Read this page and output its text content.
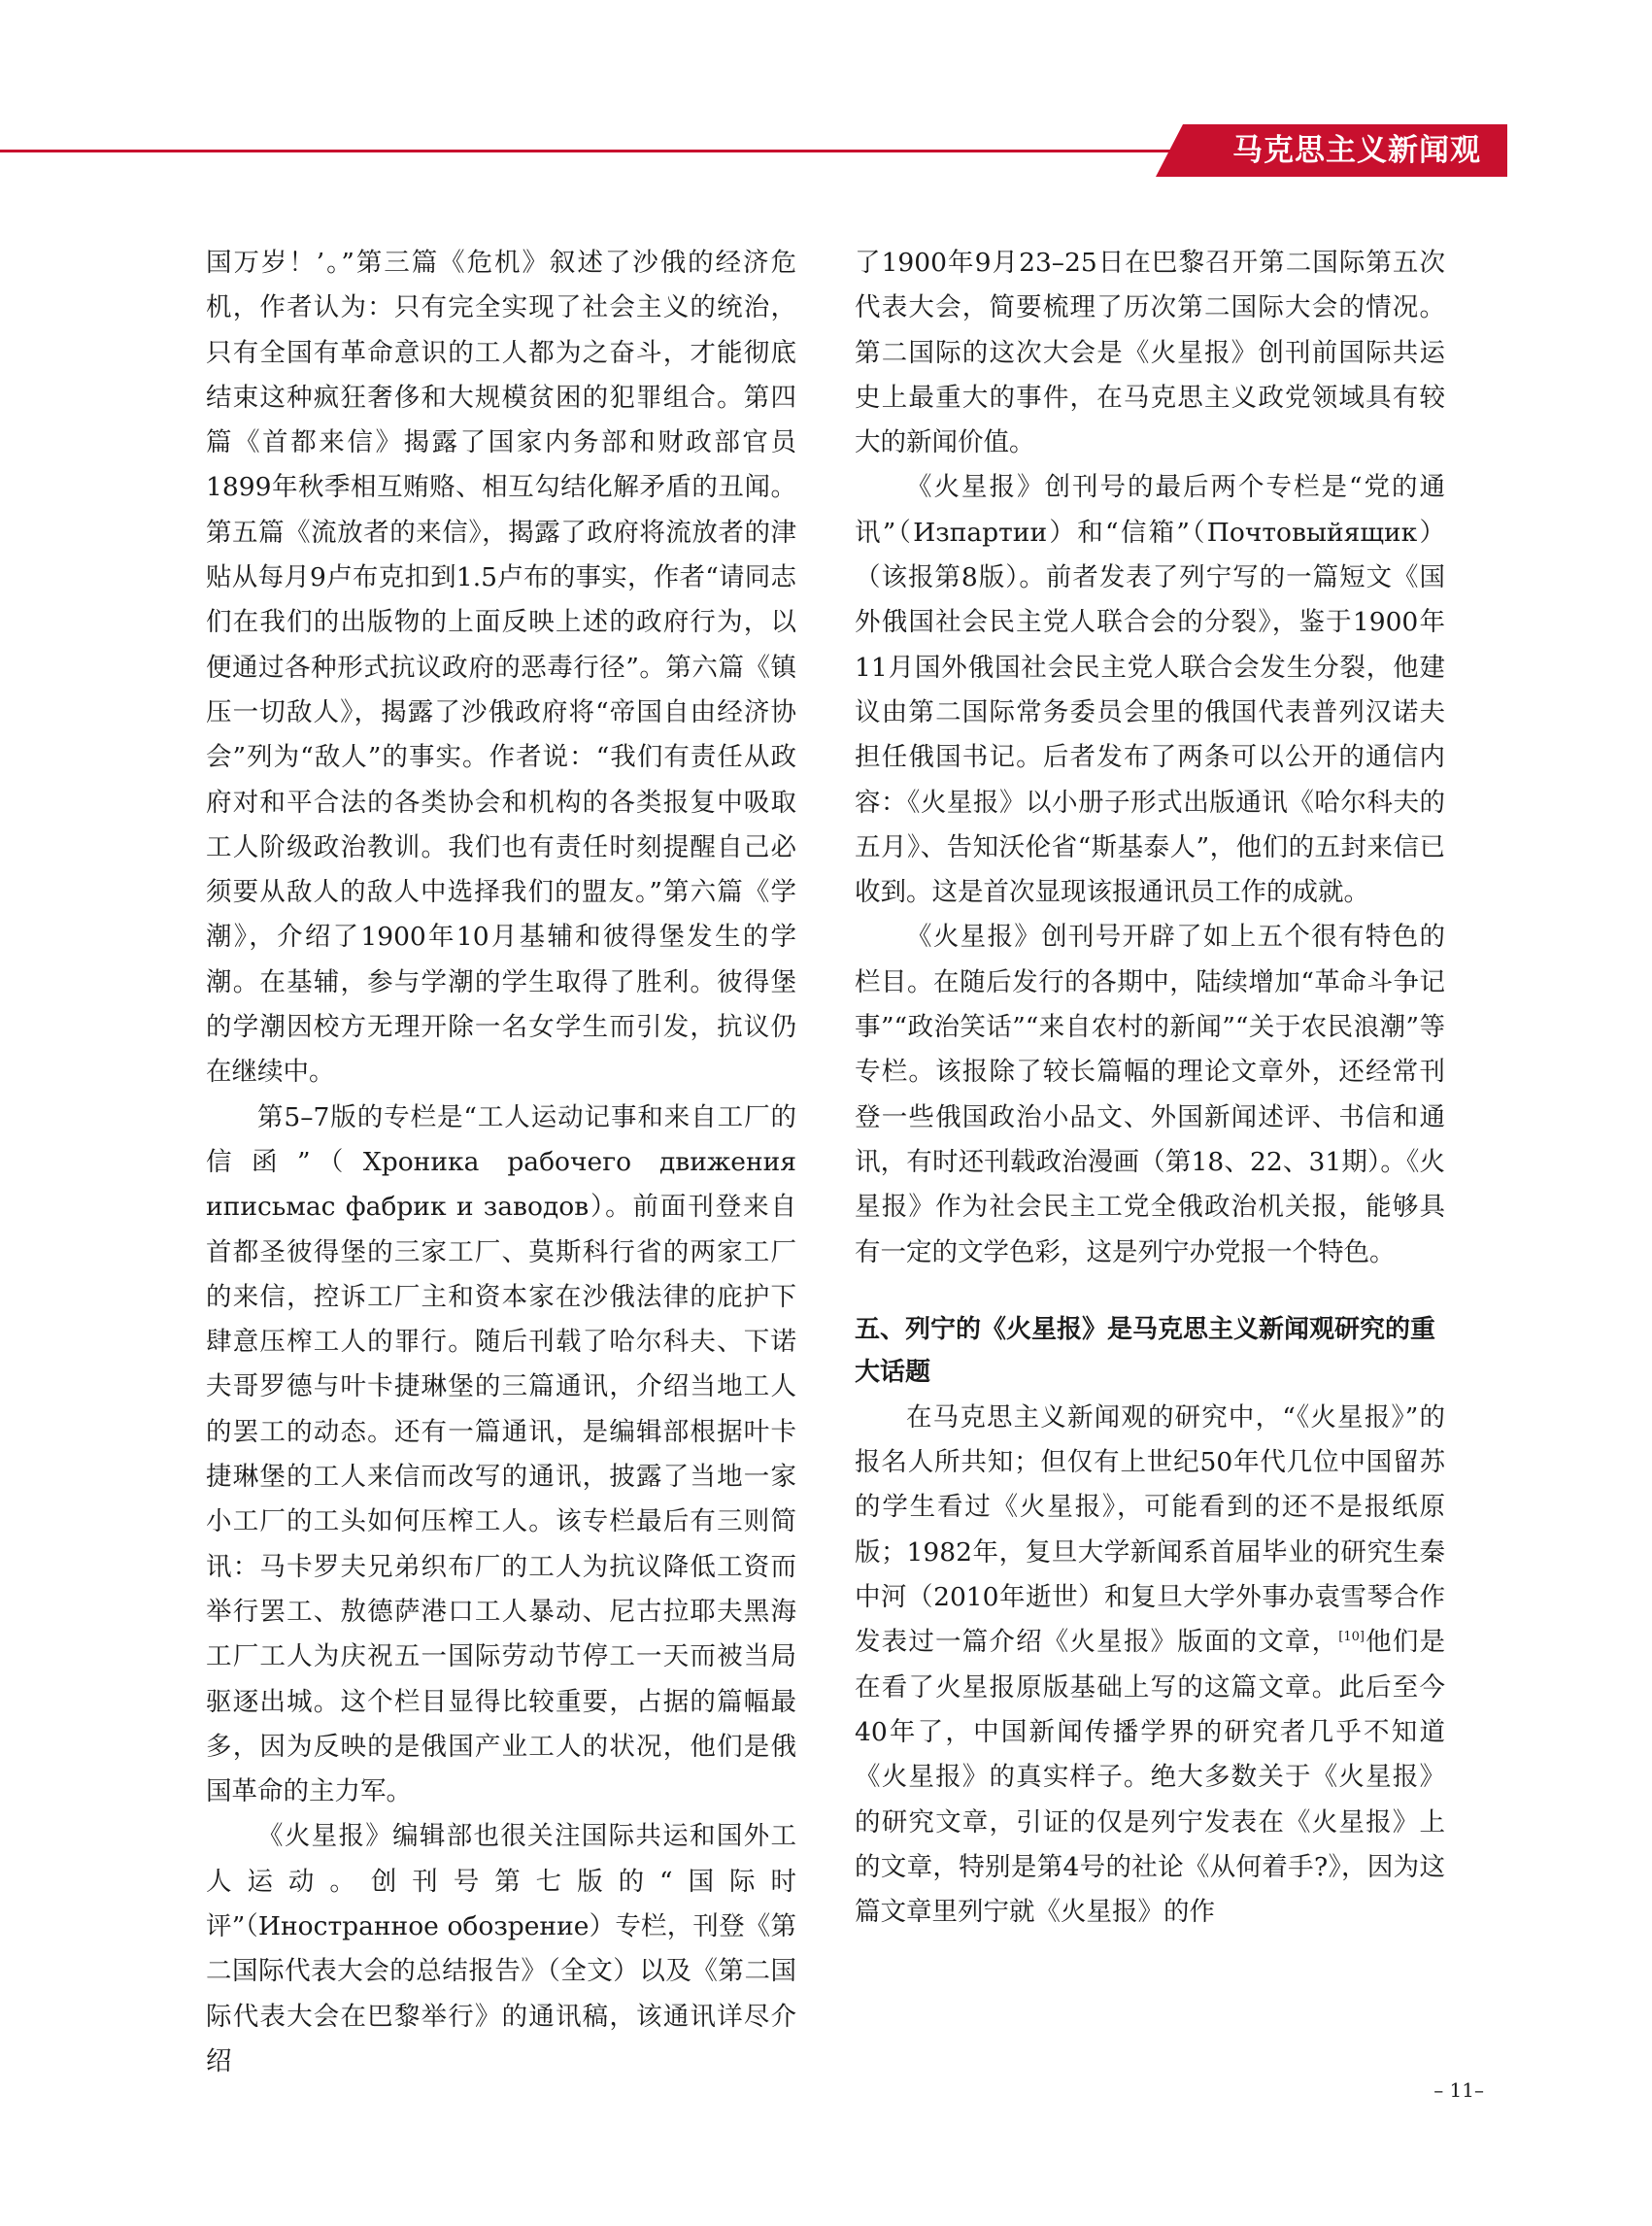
马克思主义新闻观

国万岁！’。”第三篇《危机》叙述了沙俄的经济危机，作者认为：只有完全实现了社会主义的统治，只有全国有革命意识的工人都为之奋斗，才能彻底结束这种疯狂奢侈和大规模贫困的犯罪组合。第四篇《首都来信》揭露了国家内务部和财政部官员1899年秋季相互贿赂、相互勾结化解矛盾的丑闻。第五篇《流放者的来信》，揭露了政府将流放者的津贴从每月9卢布克扣到1.5卢布的事实，作者“请同志们在我们的出版物的上面反映上述的政府行为，以便通过各种形式抗议政府的恶毒行径”。第六篇《镇压一切敌人》，揭露了沙俄政府将“帝国自由经济协会”列为“敌人”的事实。作者说：“我们有责任从政府对和平合法的各类协会和机构的各类报复中吸取工人阶级政治教训。我们也有责任时刻提醒自己必须要从敌人的敌人中选择我们的盟友。”第六篇《学潮》，介绍了1900年10月基辅和彼得堡发生的学潮。在基辅，参与学潮的学生取得了胜利。彼得堡的学潮因校方无理开除一名女学生而引发，抗议仍在继续中。

第5–7版的专栏是“工人运动记事和来自工厂的信函”（Хроника рабочего движения иписьмас фабрик и заводов）。前面刊登来自首都圣彼得堡的三家工厂、莫斯科行省的两家工厂的来信，控诉工厂主和资本家在沙俄法律的庇护下肆意压榨工人的罪行。随后刊载了哈尔科夫、下诺夫哥罗德与叶卡捷琳堡的三篇通讯，介绍当地工人的罢工的动态。还有一篇通讯，是编辑部根据叶卡捷琳堡的工人来信而改写的通讯，披露了当地一家小工厂的工头如何压榨工人。该专栏最后有三则简讯：马卡罗夫兄弟织布厂的工人为抗议降低工资而举行罢工、敖德萨港口工人暴动、尼古拉耶夫黑海工厂工人为庆祝五一国际劳动节停工一天而被当局驱逐出城。这个栏目显得比较重要，占据的篇幅最多，因为反映的是俄国产业工人的状况，他们是俄国革命的主力军。

《火星报》编辑部也很关注国际共运和国外工人运动。创刊号第七版的“国际时评”（Иностранное обозрение）专栏，刊登《第二国际代表大会的总结报告》（全文）以及《第二国际代表大会在巴黎举行》的通讯稿，该通讯详尽介绍

了1900年9月23–25日在巴黎召开第二国际第五次代表大会，简要梳理了历次第二国际大会的情况。第二国际的这次大会是《火星报》创刊前国际共运史上最重大的事件，在马克思主义政党领域具有较大的新闻价值。

《火星报》创刊号的最后两个专栏是“党的通讯”（Изпартии）和“信箱”（Почтовыйящик）（该报第8版）。前者发表了列宁写的一篇短文《国外俄国社会民主党人联合会的分裂》，鉴于1900年11月国外俄国社会民主党人联合会发生分裂，他建议由第二国际常务委员会里的俄国代表普列汉诺夫担任俄国书记。后者发布了两条可以公开的通信内容：《火星报》以小册子形式出版通讯《哈尔科夫的五月》、告知沃伦省“斯基泰人”，他们的五封来信已收到。这是首次显现该报通讯员工作的成就。

《火星报》创刊号开辟了如上五个很有特色的栏目。在随后发行的各期中，陆续增加“革命斗争记事”“政治笑话”“来自农村的新闻”“关于农民浪潮”等专栏。该报除了较长篇幅的理论文章外，还经常刊登一些俄国政治小品文、外国新闻述评、书信和通讯，有时还刊载政治漫画（第18、22、31期）。《火星报》作为社会民主工党全俄政治机关报，能够具有一定的文学色彩，这是列宁办党报一个特色。

五、列宁的《火星报》是马克思主义新闻观研究的重大话题

在马克思主义新闻观的研究中，“《火星报》”的报名人所共知；但仅有上世纪50年代几位中国留苏的学生看过《火星报》，可能看到的还不是报纸原版；1982年，复旦大学新闻系首届毕业的研究生秦中河（2010年逝世）和复旦大学外事办袁雪琴合作发表过一篇介绍《火星报》版面的文章，[10]他们是在看了火星报原版基础上写的这篇文章。此后至今40年了，中国新闻传播学界的研究者几乎不知道《火星报》的真实样子。绝大多数关于《火星报》的研究文章，引证的仅是列宁发表在《火星报》上的文章，特别是第4号的社论《从何着手?》，因为这篇文章里列宁就《火星报》的作

– 11–
